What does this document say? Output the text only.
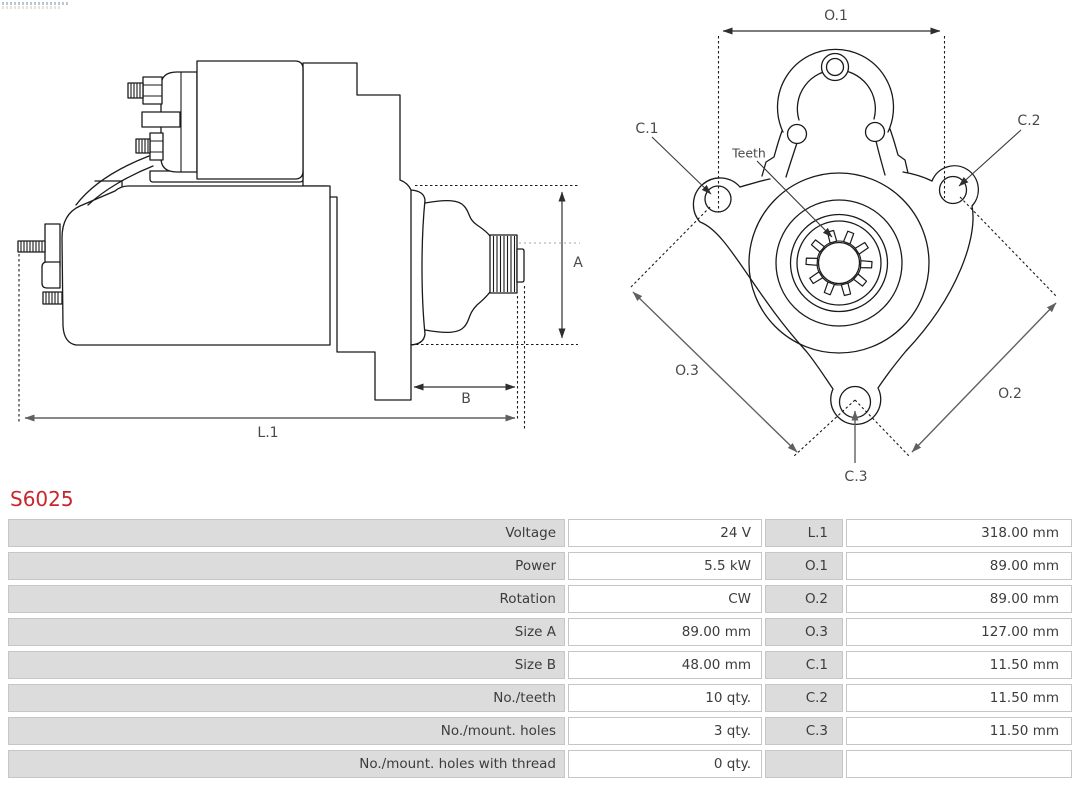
A
B
L.1
O.1
C.1	C.2
Teeth
O.3
O.2
C.3
S6025
Voltage	24 V	L.1	318.00 mm
Power	5.5 kW	O.1	89.00 mm
Rotation	CW	O.2	89.00 mm
Size A	89.00 mm	O.3	127.00 mm
Size B	48.00 mm	C.1	11.50 mm
No./teeth	10 qty.	C.2	11.50 mm
No./mount. holes	3 qty.	C.3	11.50 mm
No./mount. holes with thread	0 qty.
